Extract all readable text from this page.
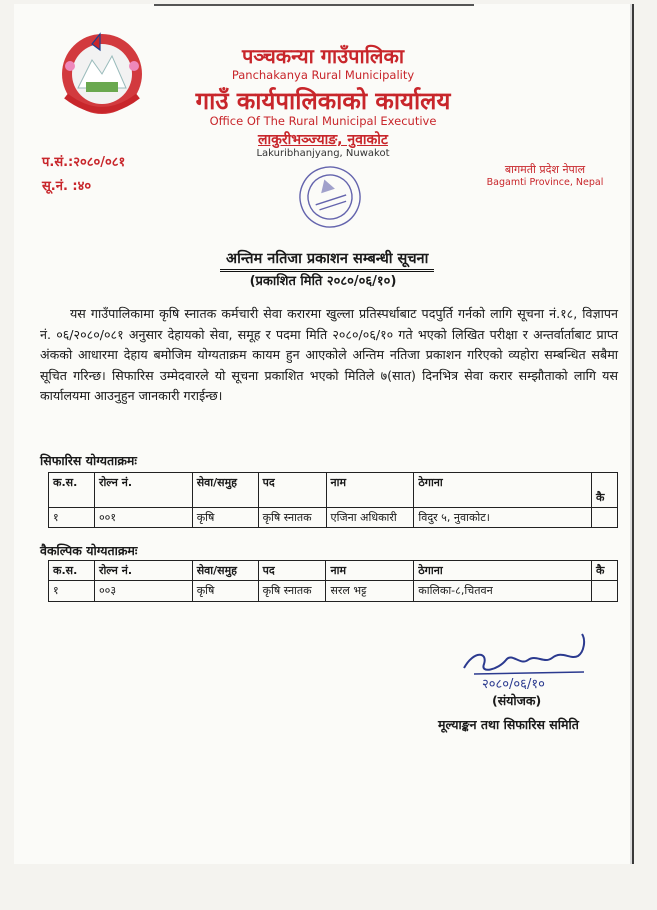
पञ्चकन्या गाउँपालिका
Panchakanya Rural Municipality
गाउँ कार्यपालिकाको कार्यालय
Office Of The Rural Municipal Executive
लाकुरीभञ्ज्याङ, नुवाकोट
Lakuribhanjyang, Nuwakot
प.सं.:२०८०/०८१
सू.नं. :४०
बागमती प्रदेश नेपाल
Bagamti Province, Nepal
अन्तिम नतिजा प्रकाशन सम्बन्धी सूचना
(प्रकाशित मिति २०८०/०६/१०)
यस गाउँपालिकामा कृषि स्नातक कर्मचारी सेवा करारमा खुल्ला प्रतिस्पर्धाबाट पदपुर्ति गर्नको लागि सूचना नं.१८, विज्ञापन नं. ०६/२०८०/०८१ अनुसार देहायको सेवा, समूह र पदमा मिति २०८०/०६/१० गते भएको लिखित परीक्षा र अन्तर्वार्ताबाट प्राप्त अंकको आधारमा देहाय बमोजिम योग्यताक्रम कायम हुन आएकोले अन्तिम नतिजा प्रकाशन गरिएको व्यहोरा सम्बन्धित सबैमा सूचित गरिन्छ। सिफारिस उम्मेदवारले यो सूचना प्रकाशित भएको मितिले ७(सात) दिनभित्र सेवा करार सम्झौताको लागि यस कार्यालयमा आउनुहुन जानकारी गराईन्छ।
सिफारिस योग्यताक्रमः
क.स.	रोल्न नं.	सेवा/समुह	पद	नाम	ठेगाना	कै
१	००१	कृषि	कृषि स्नातक	एजिना अधिकारी	विदुर ५, नुवाकोट।	
वैकल्पिक योग्यताक्रमः
क.स.	रोल्न नं.	सेवा/समुह	पद	नाम	ठेगाना	कै
१	००३	कृषि	कृषि स्नातक	सरल भट्ट	कालिका-८,चितवन	
२०८०/०६/१०
(संयोजक)
मूल्याङ्कन तथा सिफारिस समिति
